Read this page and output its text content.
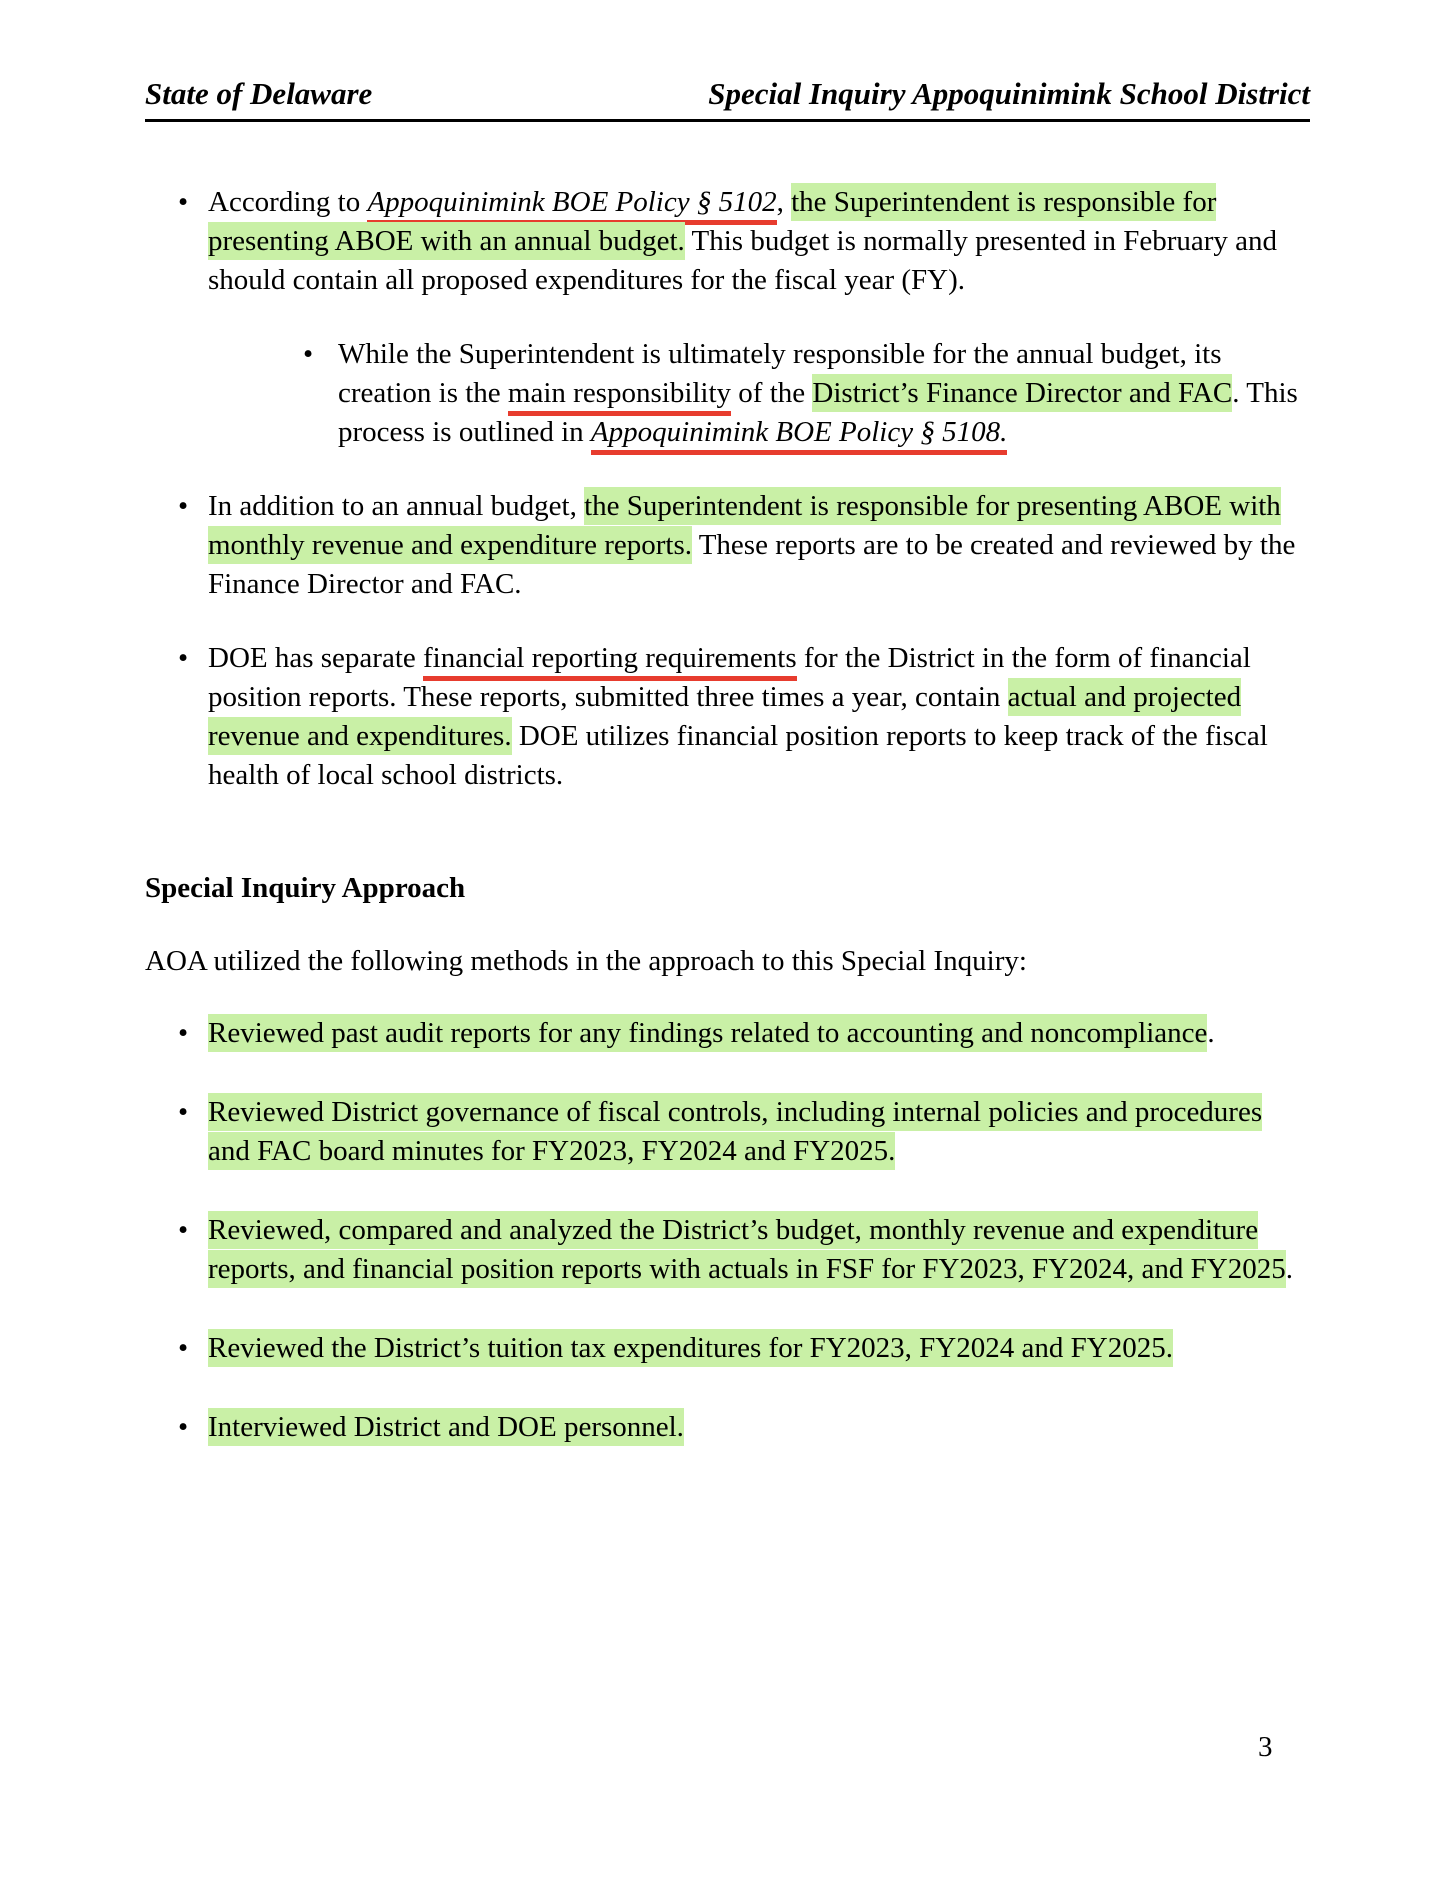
State of Delaware	Special Inquiry Appoquinimink School District
• According to Appoquinimink BOE Policy § 5102, the Superintendent is responsible for presenting ABOE with an annual budget. This budget is normally presented in February and should contain all proposed expenditures for the fiscal year (FY).
• While the Superintendent is ultimately responsible for the annual budget, its creation is the main responsibility of the District’s Finance Director and FAC. This process is outlined in Appoquinimink BOE Policy § 5108.
• In addition to an annual budget, the Superintendent is responsible for presenting ABOE with monthly revenue and expenditure reports. These reports are to be created and reviewed by the Finance Director and FAC.
• DOE has separate financial reporting requirements for the District in the form of financial position reports. These reports, submitted three times a year, contain actual and projected revenue and expenditures. DOE utilizes financial position reports to keep track of the fiscal health of local school districts.
Special Inquiry Approach
AOA utilized the following methods in the approach to this Special Inquiry:
• Reviewed past audit reports for any findings related to accounting and noncompliance.
• Reviewed District governance of fiscal controls, including internal policies and procedures and FAC board minutes for FY2023, FY2024 and FY2025.
• Reviewed, compared and analyzed the District’s budget, monthly revenue and expenditure reports, and financial position reports with actuals in FSF for FY2023, FY2024, and FY2025.
• Reviewed the District’s tuition tax expenditures for FY2023, FY2024 and FY2025.
• Interviewed District and DOE personnel.
3
